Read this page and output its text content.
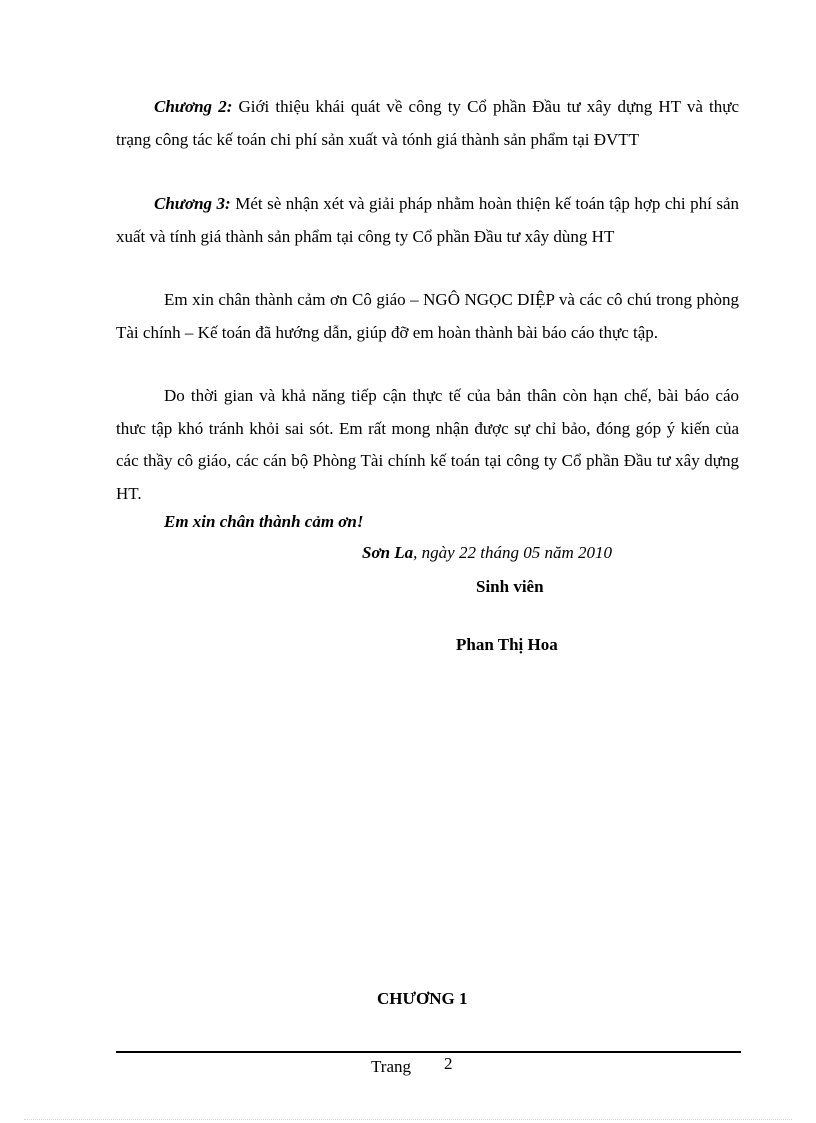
Chương 2: Giới thiệu khái quát về công ty Cổ phần Đầu tư xây dựng HT và thực trạng công tác kế toán chi phí sản xuất và tónh giá thành sản phẩm tại ĐVTT
Chương 3: Mét sè nhận xét và giải pháp nhằm hoàn thiện kế toán tập hợp chi phí sản xuất và tính giá thành sản phẩm tại công ty Cổ phần Đầu tư xây dùng HT
Em xin chân thành cảm ơn Cô giáo – NGÔ NGỌC DIỆP và các cô chú trong phòng Tài chính – Kế toán đã hướng dẫn, giúp đỡ em hoàn thành bài báo cáo thực tập.
Do thời gian và khả năng tiếp cận thực tế của bản thân còn hạn chế, bài báo cáo thưc tập khó tránh khỏi sai sót. Em rất mong nhận được sự chỉ bảo, đóng góp ý kiến của các thầy cô giáo, các cán bộ Phòng Tài chính kế toán tại công ty Cổ phần Đầu tư xây dựng HT.
Em xin chân thành cảm ơn!
Sơn La, ngày 22 tháng 05 năm 2010
Sinh viên
Phan Thị Hoa
CHƯƠNG 1
Trang 2
